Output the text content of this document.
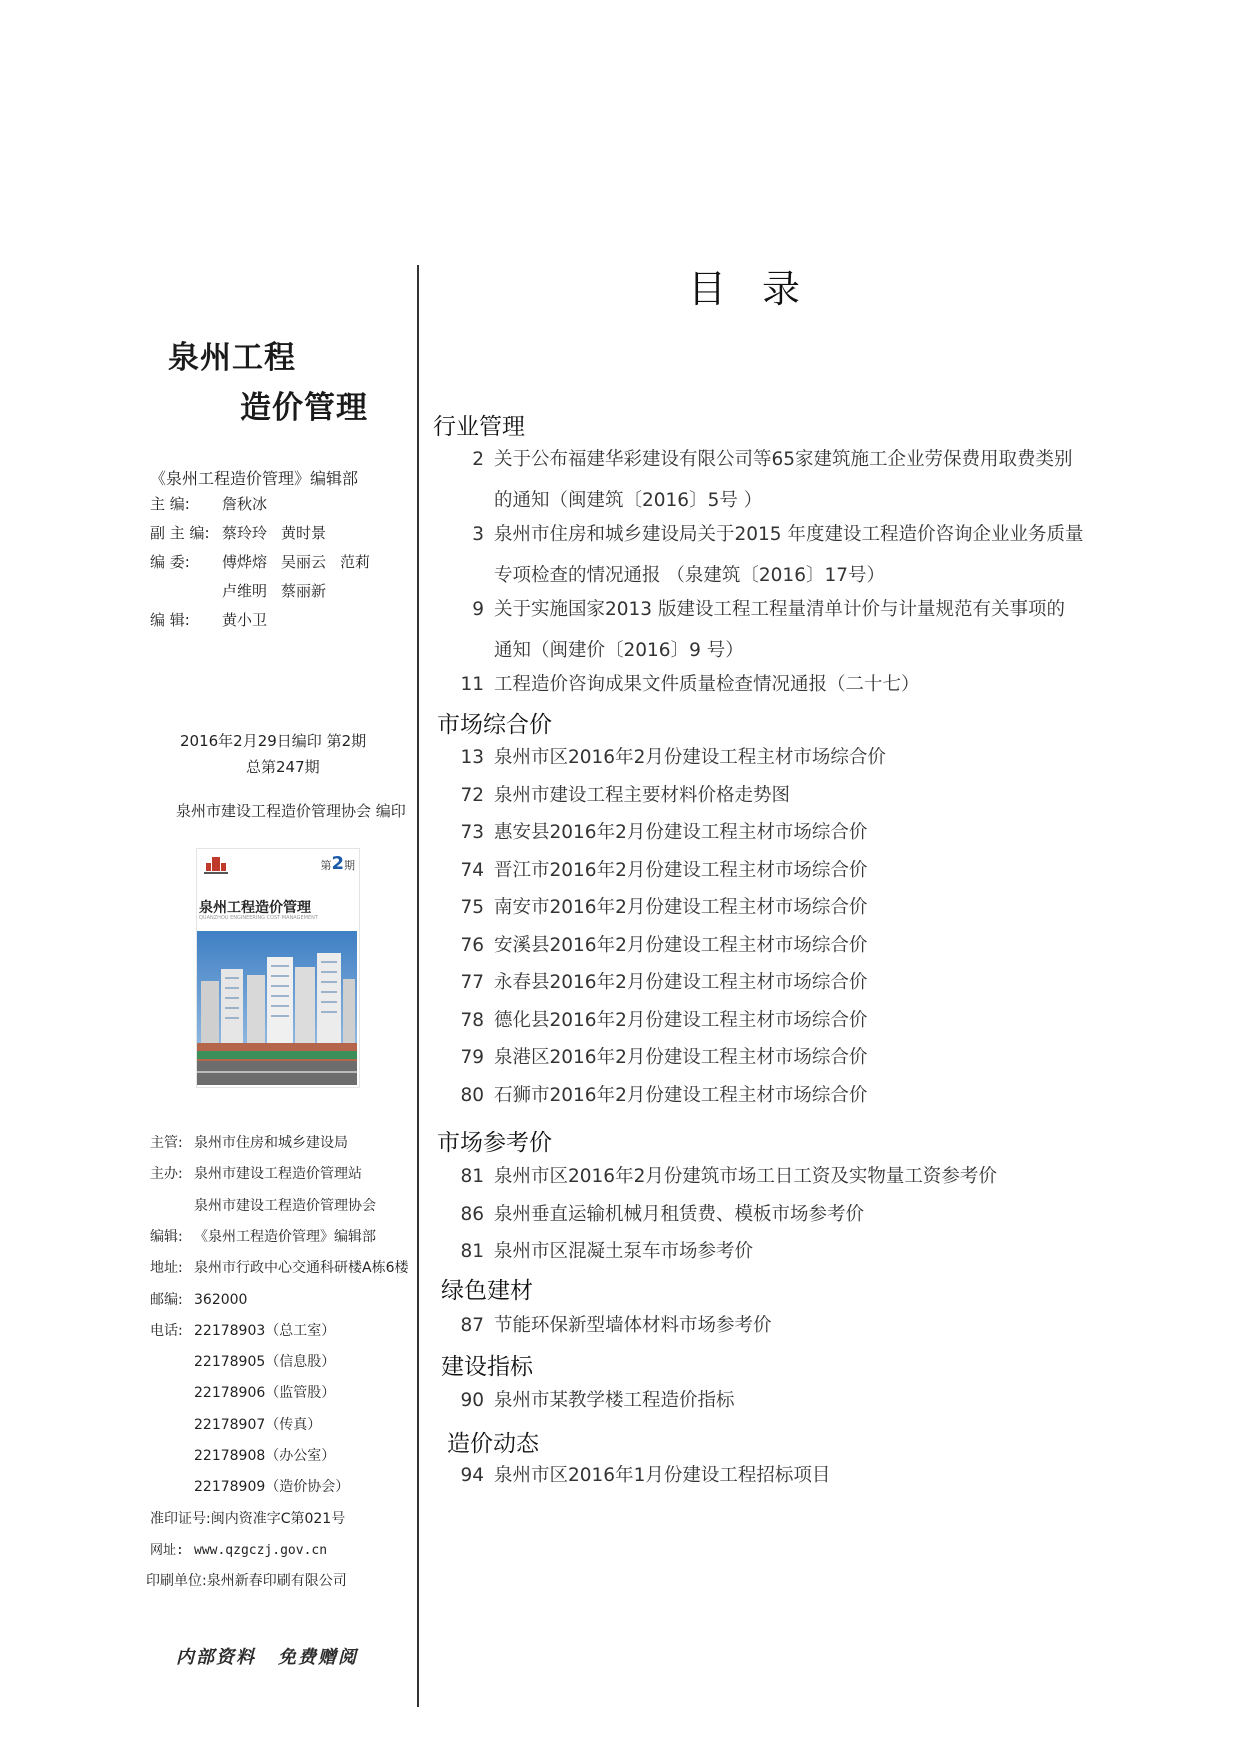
泉州工程
造价管理
《泉州工程造价管理》编辑部
主 编: 詹秋冰
副 主 编: 蔡玲玲 黄时景
编 委: 傅烨熔 吴丽云 范莉
卢维明 蔡丽新
编 辑: 黄小卫
2016年2月29日编印 第2期
总第247期
泉州市建设工程造价管理协会 编印
第2期
泉州工程造价管理
QUANZHOU ENGINEERING COST MANAGEMENT
主管: 泉州市住房和城乡建设局
主办: 泉州市建设工程造价管理站
泉州市建设工程造价管理协会
编辑: 《泉州工程造价管理》编辑部
地址: 泉州市行政中心交通科研楼A栋6楼
邮编: 362000
电话: 22178903（总工室）
22178905（信息股）
22178906（监管股）
22178907（传真）
22178908（办公室）
22178909（造价协会）
准印证号:闽内资准字C第021号
网址: www.qzgczj.gov.cn
印刷单位:泉州新春印刷有限公司
内部资料 免费赠阅
目录
行业管理
2 关于公布福建华彩建设有限公司等65家建筑施工企业劳保费用取费类别
的通知（闽建筑〔2016〕5号 ）
3 泉州市住房和城乡建设局关于2015 年度建设工程造价咨询企业业务质量
专项检查的情况通报 （泉建筑〔2016〕17号）
9 关于实施国家2013 版建设工程工程量清单计价与计量规范有关事项的
通知（闽建价〔2016〕9 号）
11 工程造价咨询成果文件质量检查情况通报（二十七）
市场综合价
13 泉州市区2016年2月份建设工程主材市场综合价
72 泉州市建设工程主要材料价格走势图
73 惠安县2016年2月份建设工程主材市场综合价
74 晋江市2016年2月份建设工程主材市场综合价
75 南安市2016年2月份建设工程主材市场综合价
76 安溪县2016年2月份建设工程主材市场综合价
77 永春县2016年2月份建设工程主材市场综合价
78 德化县2016年2月份建设工程主材市场综合价
79 泉港区2016年2月份建设工程主材市场综合价
80 石狮市2016年2月份建设工程主材市场综合价
市场参考价
81 泉州市区2016年2月份建筑市场工日工资及实物量工资参考价
86 泉州垂直运输机械月租赁费、模板市场参考价
81 泉州市区混凝土泵车市场参考价
绿色建材
87 节能环保新型墙体材料市场参考价
建设指标
90 泉州市某教学楼工程造价指标
造价动态
94 泉州市区2016年1月份建设工程招标项目
